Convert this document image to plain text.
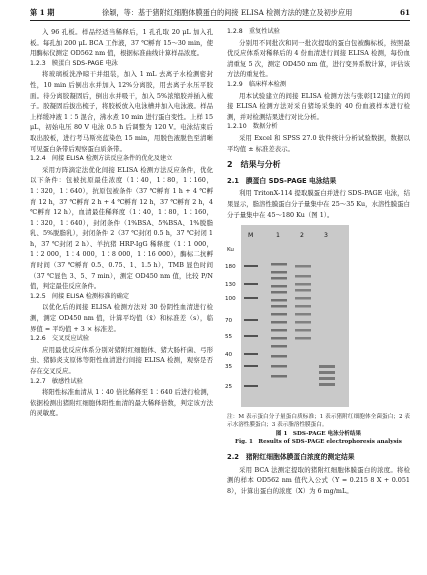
第 1 期	徐颖，等：基于猪附红细胞体膜蛋白的间接 ELISA 检测方法的建立及初步应用	61

入 96 孔板。样品经适当稀释后，1 孔孔取 20 μL 加入孔板。每孔加 200 μL BCA 工作液，37 ℃孵育 15～30 min，使用酶标仪测定 OD562 nm 值，根据标准曲线计算样品浓度。

1.2.3　膜蛋白 SDS-PAGE 电泳

将玻璃板洗净晾干并组装，加入 1 mL 去离子水检测密封性，10 min 后倒出水并加入 12%分离胶，用去离子水压平胶面。待分离胶凝固后，倒出水并吸干，加入 5%浓缩胶并插入梳子。胶凝固后拔出梳子，将胶板放入电泳槽并加入电泳液。样品上样缓冲液 1∶5 混合，沸水煮 10 min 进行蛋白变性。上样 15 μL，初始电压 80 V 电泳 0.5 h 后调整为 120 V。电泳结束后取出胶板，进行考马斯亮蓝染色 15 min，用脱色液脱色至清晰可见蛋白条带后观察蛋白质条带。

1.2.4　间接 ELISA 检测方法反应条件的优化及建立

采用方阵滴定法优化间接 ELISA 检测方法反应条件，优化以下条件：包被抗原最佳浓度（1∶40，1∶80，1∶160，1∶320，1∶640），抗原包被条件（37 ℃孵育 1 h + 4 ℃孵育 12 h，37 ℃孵育 2 h + 4 ℃孵育 12 h，37 ℃孵育 2 h，4 ℃孵育 12 h），血清最佳稀释度（1∶40，1∶80，1∶160，1∶320，1∶640），封闭条件（1%BSA、5%BSA、1%脱脂乳、5%脱脂乳），封闭条件 2（37 ℃封闭 0.5 h，37 ℃封闭 1 h，37 ℃封闭 2 h）、羊抗猪 HRP-IgG 稀释度（1∶1 000，1∶2 000，1∶4 000，1∶8 000，1∶16 000），酶标二抗孵育时间（37 ℃孵育 0.5、0.75、1、1.5 h），TMB 显色时间（37 ℃显色 3、5、7 min），测定 OD450 nm 值，比较 P/N 值，判定最佳反应条件。

1.2.5　间接 ELISA 检测标准的确定

以优化后的间接 ELISA 检测方法对 30 份阴性血清进行检测，测定 OD450 nm 值，计算平均值（x̄）和标准差（s），临界值 = 平均值 + 3 × 标准差。

1.2.6　交叉反应试验

应用最优反应体系分别对猪附红细胞体、猪大肠杆菌、弓形虫、猪肺炎支原体等阳性血清进行间接 ELISA 检测，观察是否存在交叉反应。

1.2.7　敏感性试验

将阳性标准血清从 1∶40 倍比稀释至 1∶640 后进行检测，依据检测出猪附红细胞体阳性血清的最大稀释倍数，判定该方法的灵敏度。

1.2.8　重复性试验

分别用不同批次和同一批次提取的蛋白包被酶标板，按照最优反应体系对稀释后的 4 份血清进行间接 ELISA 检测，每份血清重复 5 次，测定 OD450 nm 值，进行变异系数计算，评估该方法的重复性。

1.2.9　临床样本检测

用本试验建立的间接 ELISA 检测方法与张彰[12]建立的间接 ELISA 检测方法对采自猪场采集的 40 份血液样本进行检测，并对检测结果进行对比分析。

1.2.10　数据分析

采用 Excel 和 SPSS 27.0 软件统计分析试验数据，数据以平均值 ± 标准差表示。

2　结果与分析
2.1　膜蛋白 SDS-PAGE 电泳结果

利用 TritonX-114 提取膜蛋白并进行 SDS-PAGE 电泳，结果显示，脂溶性膜蛋白分子量集中在 25～35 Ku，水溶性膜蛋白分子量集中在 45～180 Ku（图 1）。

Ku
180
130
100
70
55
40
35
25
M	1	2	3
注：M 表示蛋白分子量蛋白质标准；1 表示猪附红细胞体全菌蛋白；2 表示水溶性膜蛋白；3 表示脂溶性膜蛋白。
图 1　SDS-PAGE 电泳分析结果
Fig. 1　Results of SDS-PAGE electrophoresis analysis
2.2　猪附红细胞体膜蛋白浓度的测定结果

采用 BCA 法测定提取的猪附红细胞体膜蛋白的浓度。将检测的样本 OD562 nm 值代入公式（Y = 0.215 8 X + 0.051 8），计算出蛋白的浓度（X）为 6 mg/mL。
